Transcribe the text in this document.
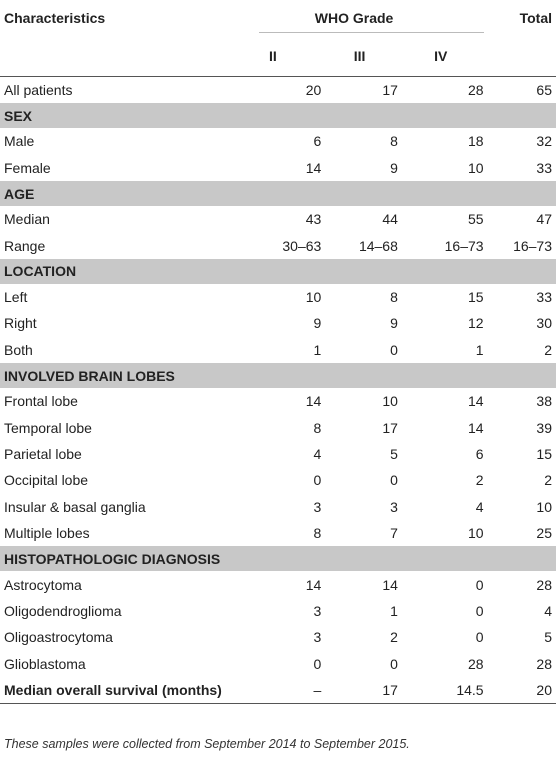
Characteristics	WHO Grade			Total
	II	III	IV	
All patients	20	17	28	65
SEX				
Male	6	8	18	32
Female	14	9	10	33
AGE				
Median	43	44	55	47
Range	30–63	14–68	16–73	16–73
LOCATION				
Left	10	8	15	33
Right	9	9	12	30
Both	1	0	1	2
INVOLVED BRAIN LOBES				
Frontal lobe	14	10	14	38
Temporal lobe	8	17	14	39
Parietal lobe	4	5	6	15
Occipital lobe	0	0	2	2
Insular & basal ganglia	3	3	4	10
Multiple lobes	8	7	10	25
HISTOPATHOLOGIC DIAGNOSIS				
Astrocytoma	14	14	0	28
Oligodendroglioma	3	1	0	4
Oligoastrocytoma	3	2	0	5
Glioblastoma	0	0	28	28
Median overall survival (months)	–	17	14.5	20
These samples were collected from September 2014 to September 2015.
